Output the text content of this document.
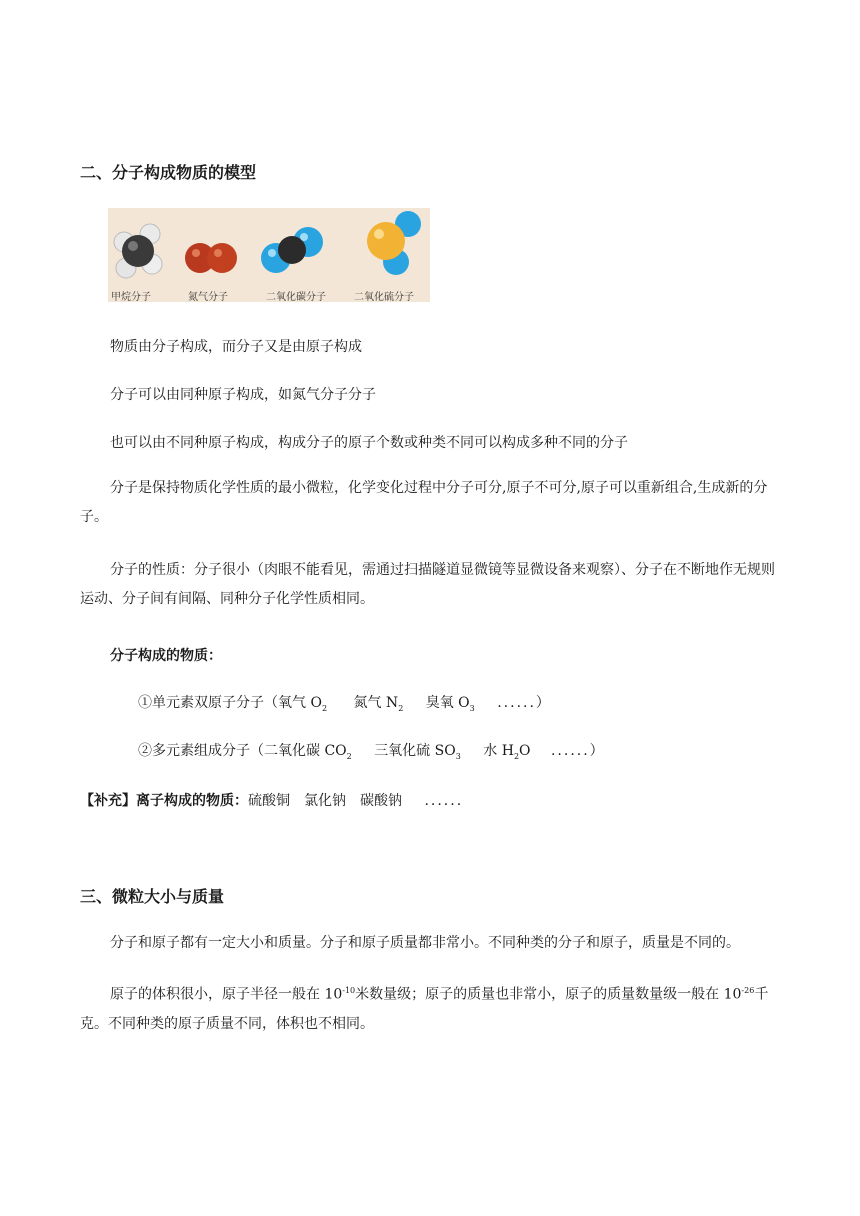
二、分子构成物质的模型
甲烷分子	氮气分子	二氧化碳分子	二氧化硫分子
物质由分子构成，而分子又是由原子构成
分子可以由同种原子构成，如氮气分子分子
也可以由不同种原子构成，构成分子的原子个数或种类不同可以构成多种不同的分子
分子是保持物质化学性质的最小微粒，化学变化过程中分子可分,原子不可分,原子可以重新组合,生成新的分子。
分子的性质：分子很小（肉眼不能看见，需通过扫描隧道显微镜等显微设备来观察）、分子在不断地作无规则运动、分子间有间隔、同种分子化学性质相同。
分子构成的物质：
①单元素双原子分子（氧气 $O_2$ 氮气 $N_2$ 臭氧 $O_3$ ......）
②多元素组成分子（二氧化碳 $CO_2$ 三氧化硫 $SO_3$ 水 $H_2O$ ......）
【补充】离子构成的物质：硫酸铜　氯化钠　碳酸钠 ......
三、微粒大小与质量
分子和原子都有一定大小和质量。分子和原子质量都非常小。不同种类的分子和原子，质量是不同的。
原子的体积很小，原子半径一般在 $10^{-10}$米数量级；原子的质量也非常小，原子的质量数量级一般在 $10^{-26}$千克。不同种类的原子质量不同，体积也不相同。
